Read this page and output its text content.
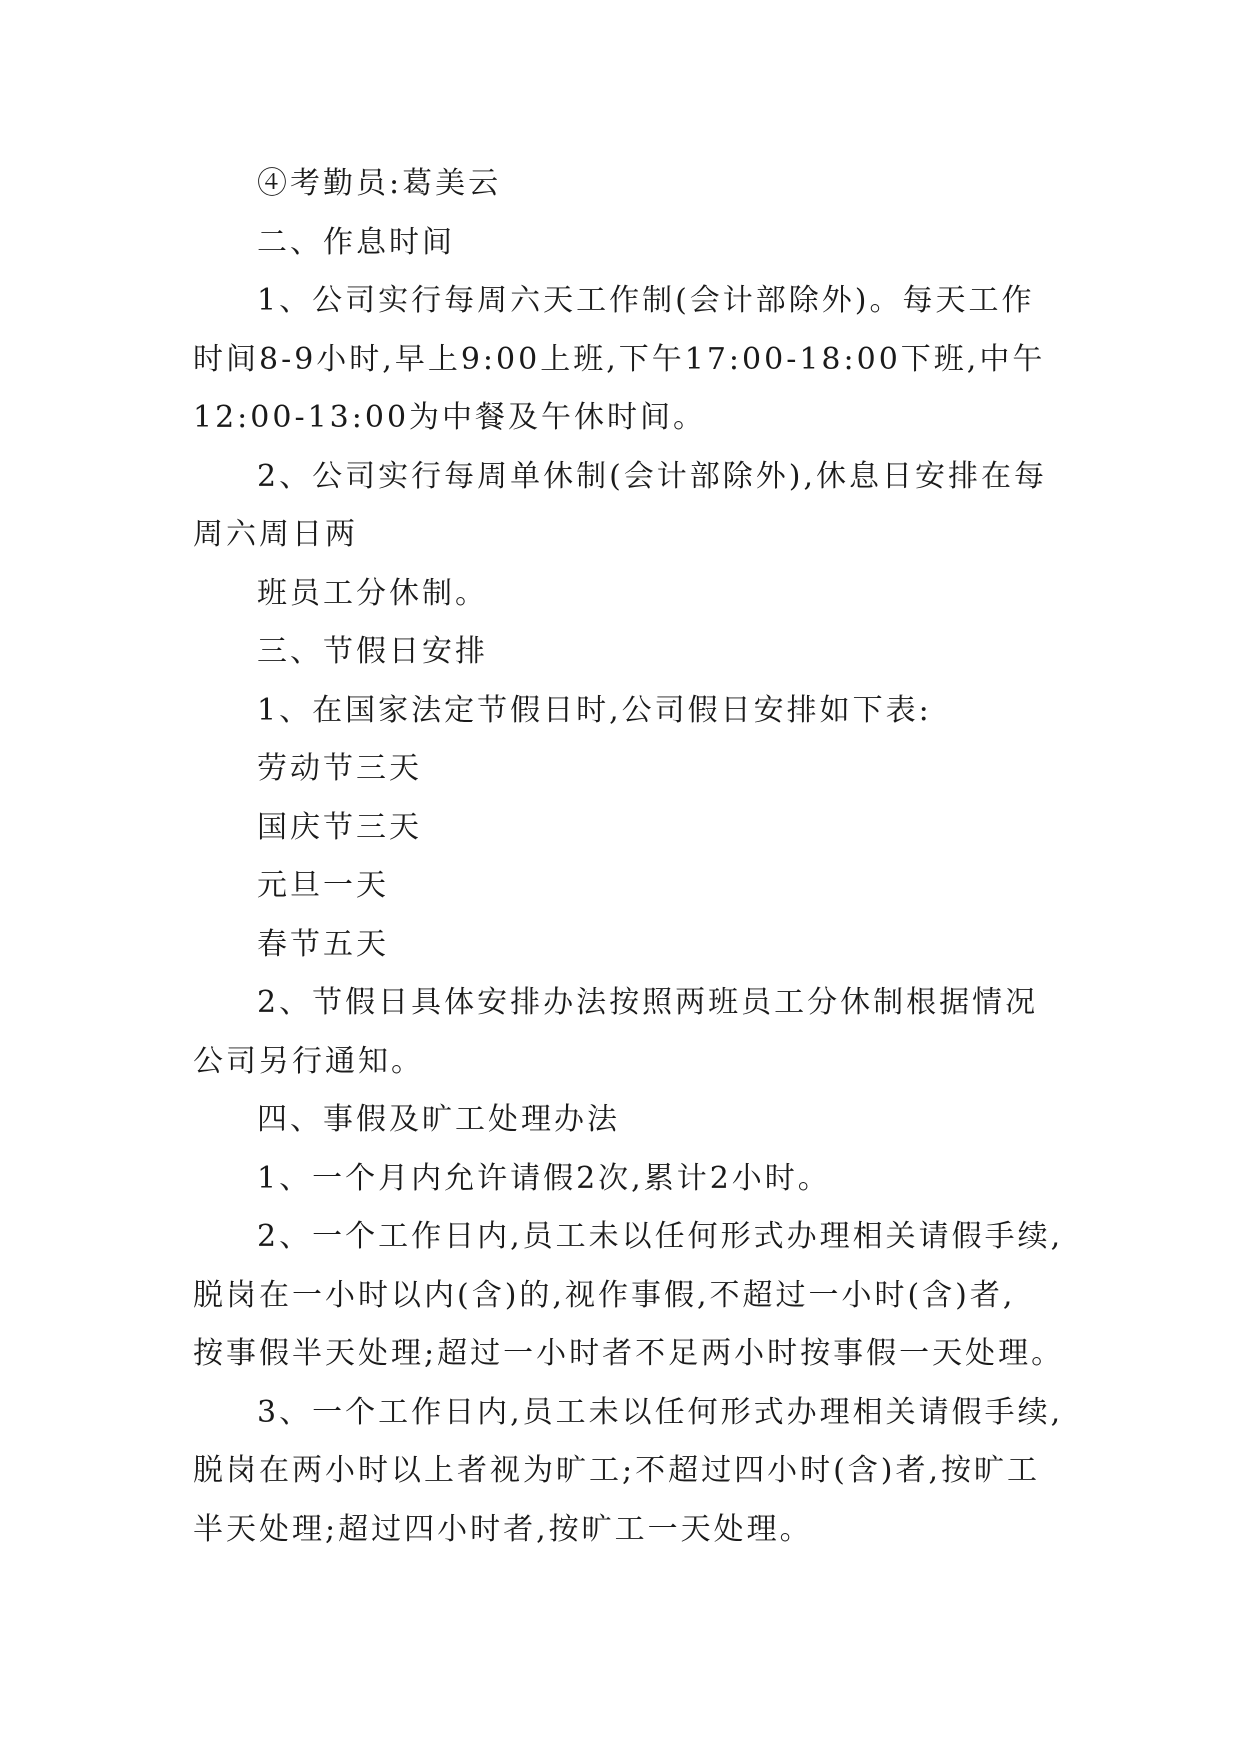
④考勤员:葛美云

二、作息时间

1、公司实行每周六天工作制(会计部除外)。每天工作

时间8-9小时,早上9:00上班,下午17:00-18:00下班,中午

12:00-13:00为中餐及午休时间。

2、公司实行每周单休制(会计部除外),休息日安排在每

周六周日两

班员工分休制。

三、节假日安排

1、在国家法定节假日时,公司假日安排如下表:

劳动节三天

国庆节三天

元旦一天

春节五天

2、节假日具体安排办法按照两班员工分休制根据情况

公司另行通知。

四、事假及旷工处理办法

1、一个月内允许请假2次,累计2小时。

2、一个工作日内,员工未以任何形式办理相关请假手续,

脱岗在一小时以内(含)的,视作事假,不超过一小时(含)者,

按事假半天处理;超过一小时者不足两小时按事假一天处理。

3、一个工作日内,员工未以任何形式办理相关请假手续,

脱岗在两小时以上者视为旷工;不超过四小时(含)者,按旷工

半天处理;超过四小时者,按旷工一天处理。
